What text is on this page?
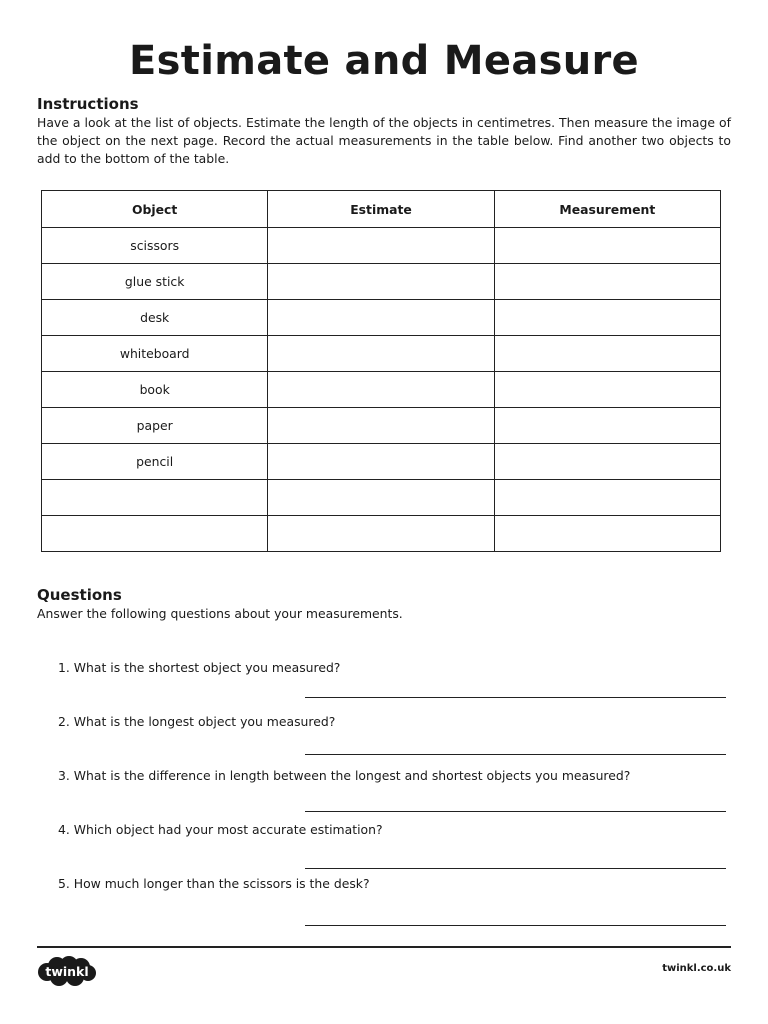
Estimate and Measure
Instructions

Have a look at the list of objects. Estimate the length of the objects in centimetres. Then measure the image of the object on the next page. Record the actual measurements in the table below. Find another two objects to add to the bottom of the table.

Object	Estimate	Measurement
scissors		
glue stick		
desk		
whiteboard		
book		
paper		
pencil		

Questions

Answer the following questions about your measurements.

1. What is the shortest object you measured?

2. What is the longest object you measured?

3. What is the difference in length between the longest and shortest objects you measured?

4. Which object had your most accurate estimation?

5. How much longer than the scissors is the desk?

twinkl	twinkl.co.uk
